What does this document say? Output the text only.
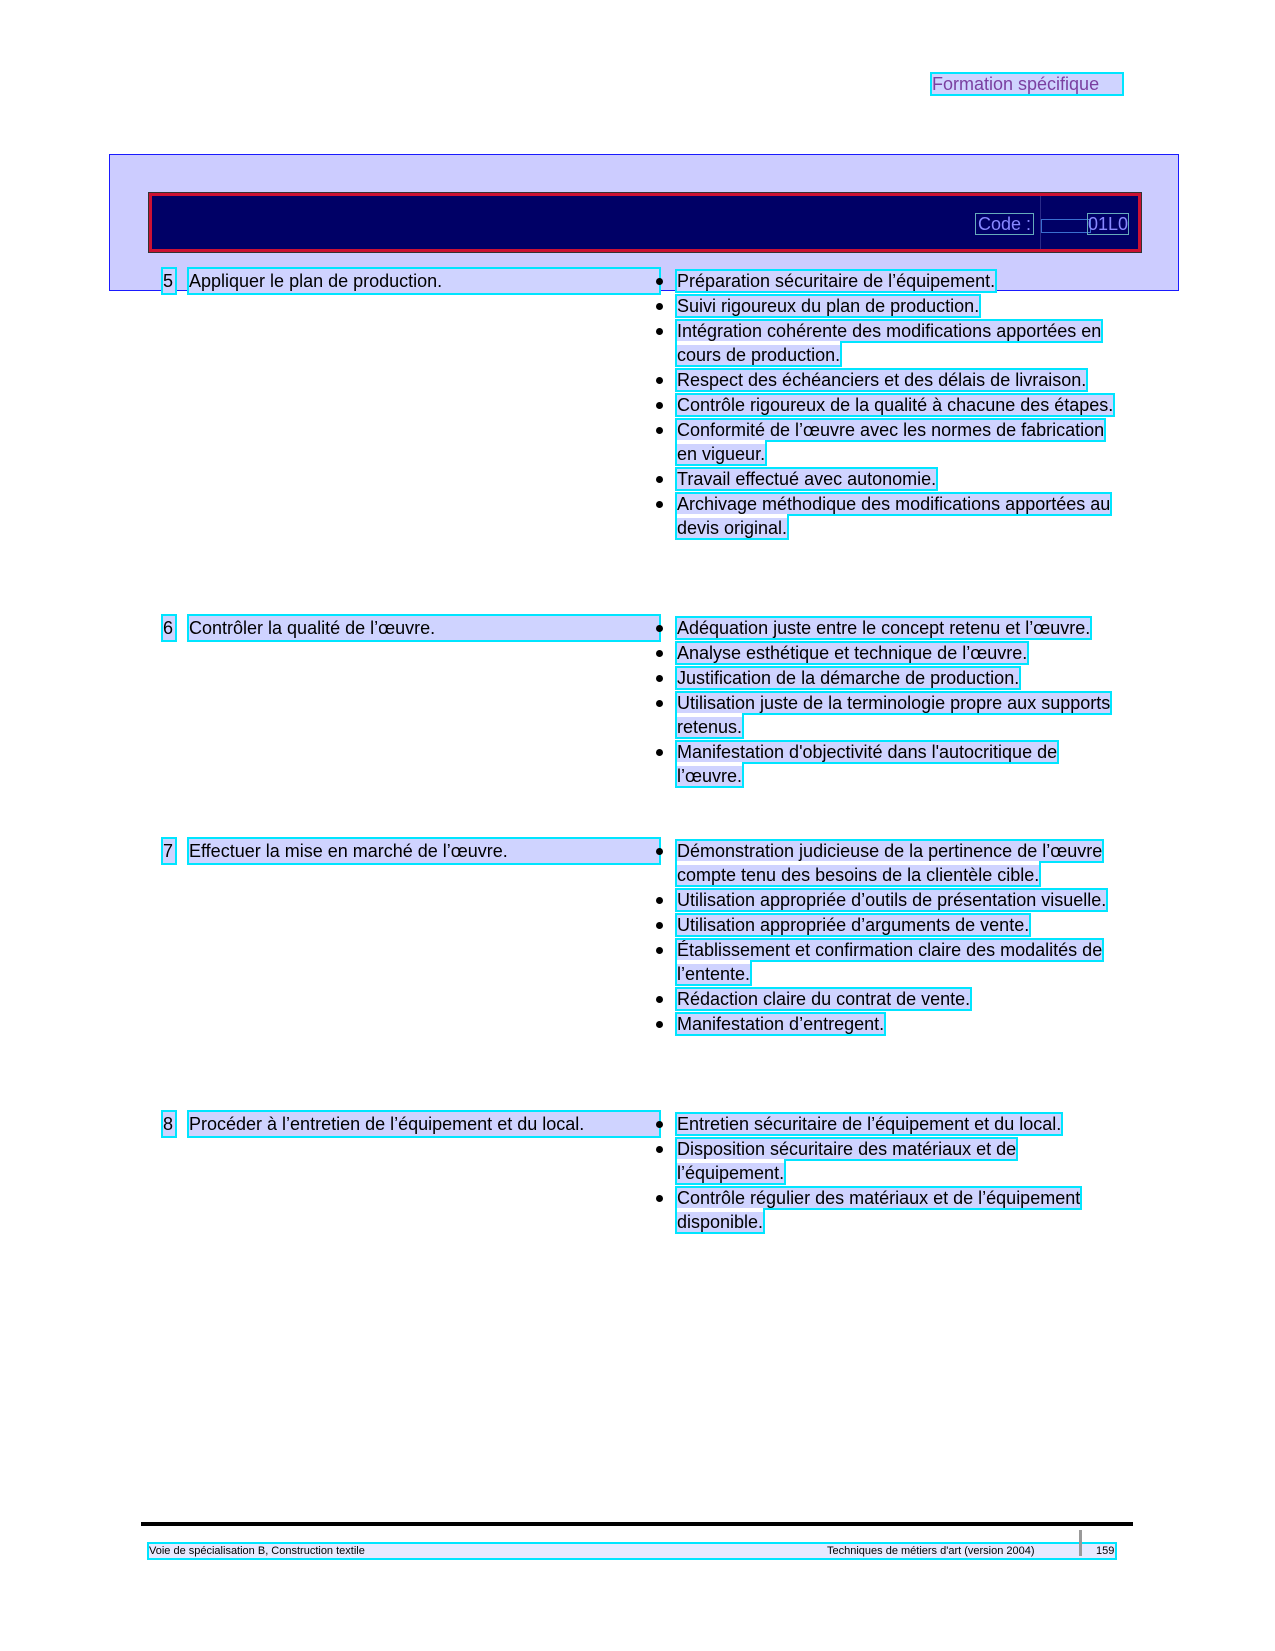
Formation spécifique
Code :	01L0
5 Appliquer le plan de production.	Préparation sécuritaire de l’équipement.
Suivi rigoureux du plan de production.
Intégration cohérente des modifications apportées en cours de production.
Respect des échéanciers et des délais de livraison.
Contrôle rigoureux de la qualité à chacune des étapes.
Conformité de l’œuvre avec les normes de fabrication en vigueur.
Travail effectué avec autonomie.
Archivage méthodique des modifications apportées au devis original.
6 Contrôler la qualité de l’œuvre.	Adéquation juste entre le concept retenu et l’œuvre.
Analyse esthétique et technique de l’œuvre.
Justification de la démarche de production.
Utilisation juste de la terminologie propre aux supports retenus.
Manifestation d'objectivité dans l'autocritique de l’œuvre.
7 Effectuer la mise en marché de l’œuvre.	Démonstration judicieuse de la pertinence de l’œuvre compte tenu des besoins de la clientèle cible.
Utilisation appropriée d’outils de présentation visuelle.
Utilisation appropriée d’arguments de vente.
Établissement et confirmation claire des modalités de l’entente.
Rédaction claire du contrat de vente.
Manifestation d’entregent.
8 Procéder à l’entretien de l’équipement et du local.	Entretien sécuritaire de l’équipement et du local.
Disposition sécuritaire des matériaux et de l’équipement.
Contrôle régulier des matériaux et de l’équipement disponible.
Voie de spécialisation B, Construction textile	Techniques de métiers d'art (version 2004)	159
